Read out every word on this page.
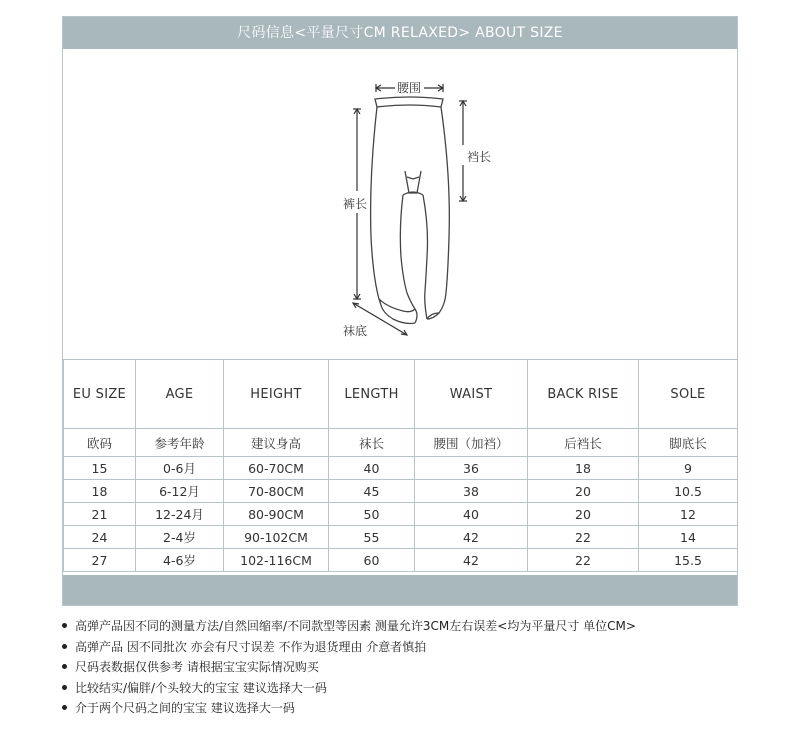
尺码信息<平量尺寸CM RELAXED> ABOUT SIZE
腰围
裆长
裤长
袜底
EU SIZE	AGE	HEIGHT	LENGTH	WAIST	BACK RISE	SOLE
欧码	参考年龄	建议身高	袜长	腰围（加裆）	后裆长	脚底长
15	0-6月	60-70CM	40	36	18	9
18	6-12月	70-80CM	45	38	20	10.5
21	12-24月	80-90CM	50	40	20	12
24	2-4岁	90-102CM	55	42	22	14
27	4-6岁	102-116CM	60	42	22	15.5
高弹产品因不同的测量方法/自然回缩率/不同款型等因素 测量允许3CM左右误差<均为平量尺寸 单位CM>
高弹产品 因不同批次 亦会有尺寸误差 不作为退货理由 介意者慎拍
尺码表数据仅供参考 请根据宝宝实际情况购买
比较结实/偏胖/个头较大的宝宝 建议选择大一码
介于两个尺码之间的宝宝 建议选择大一码
